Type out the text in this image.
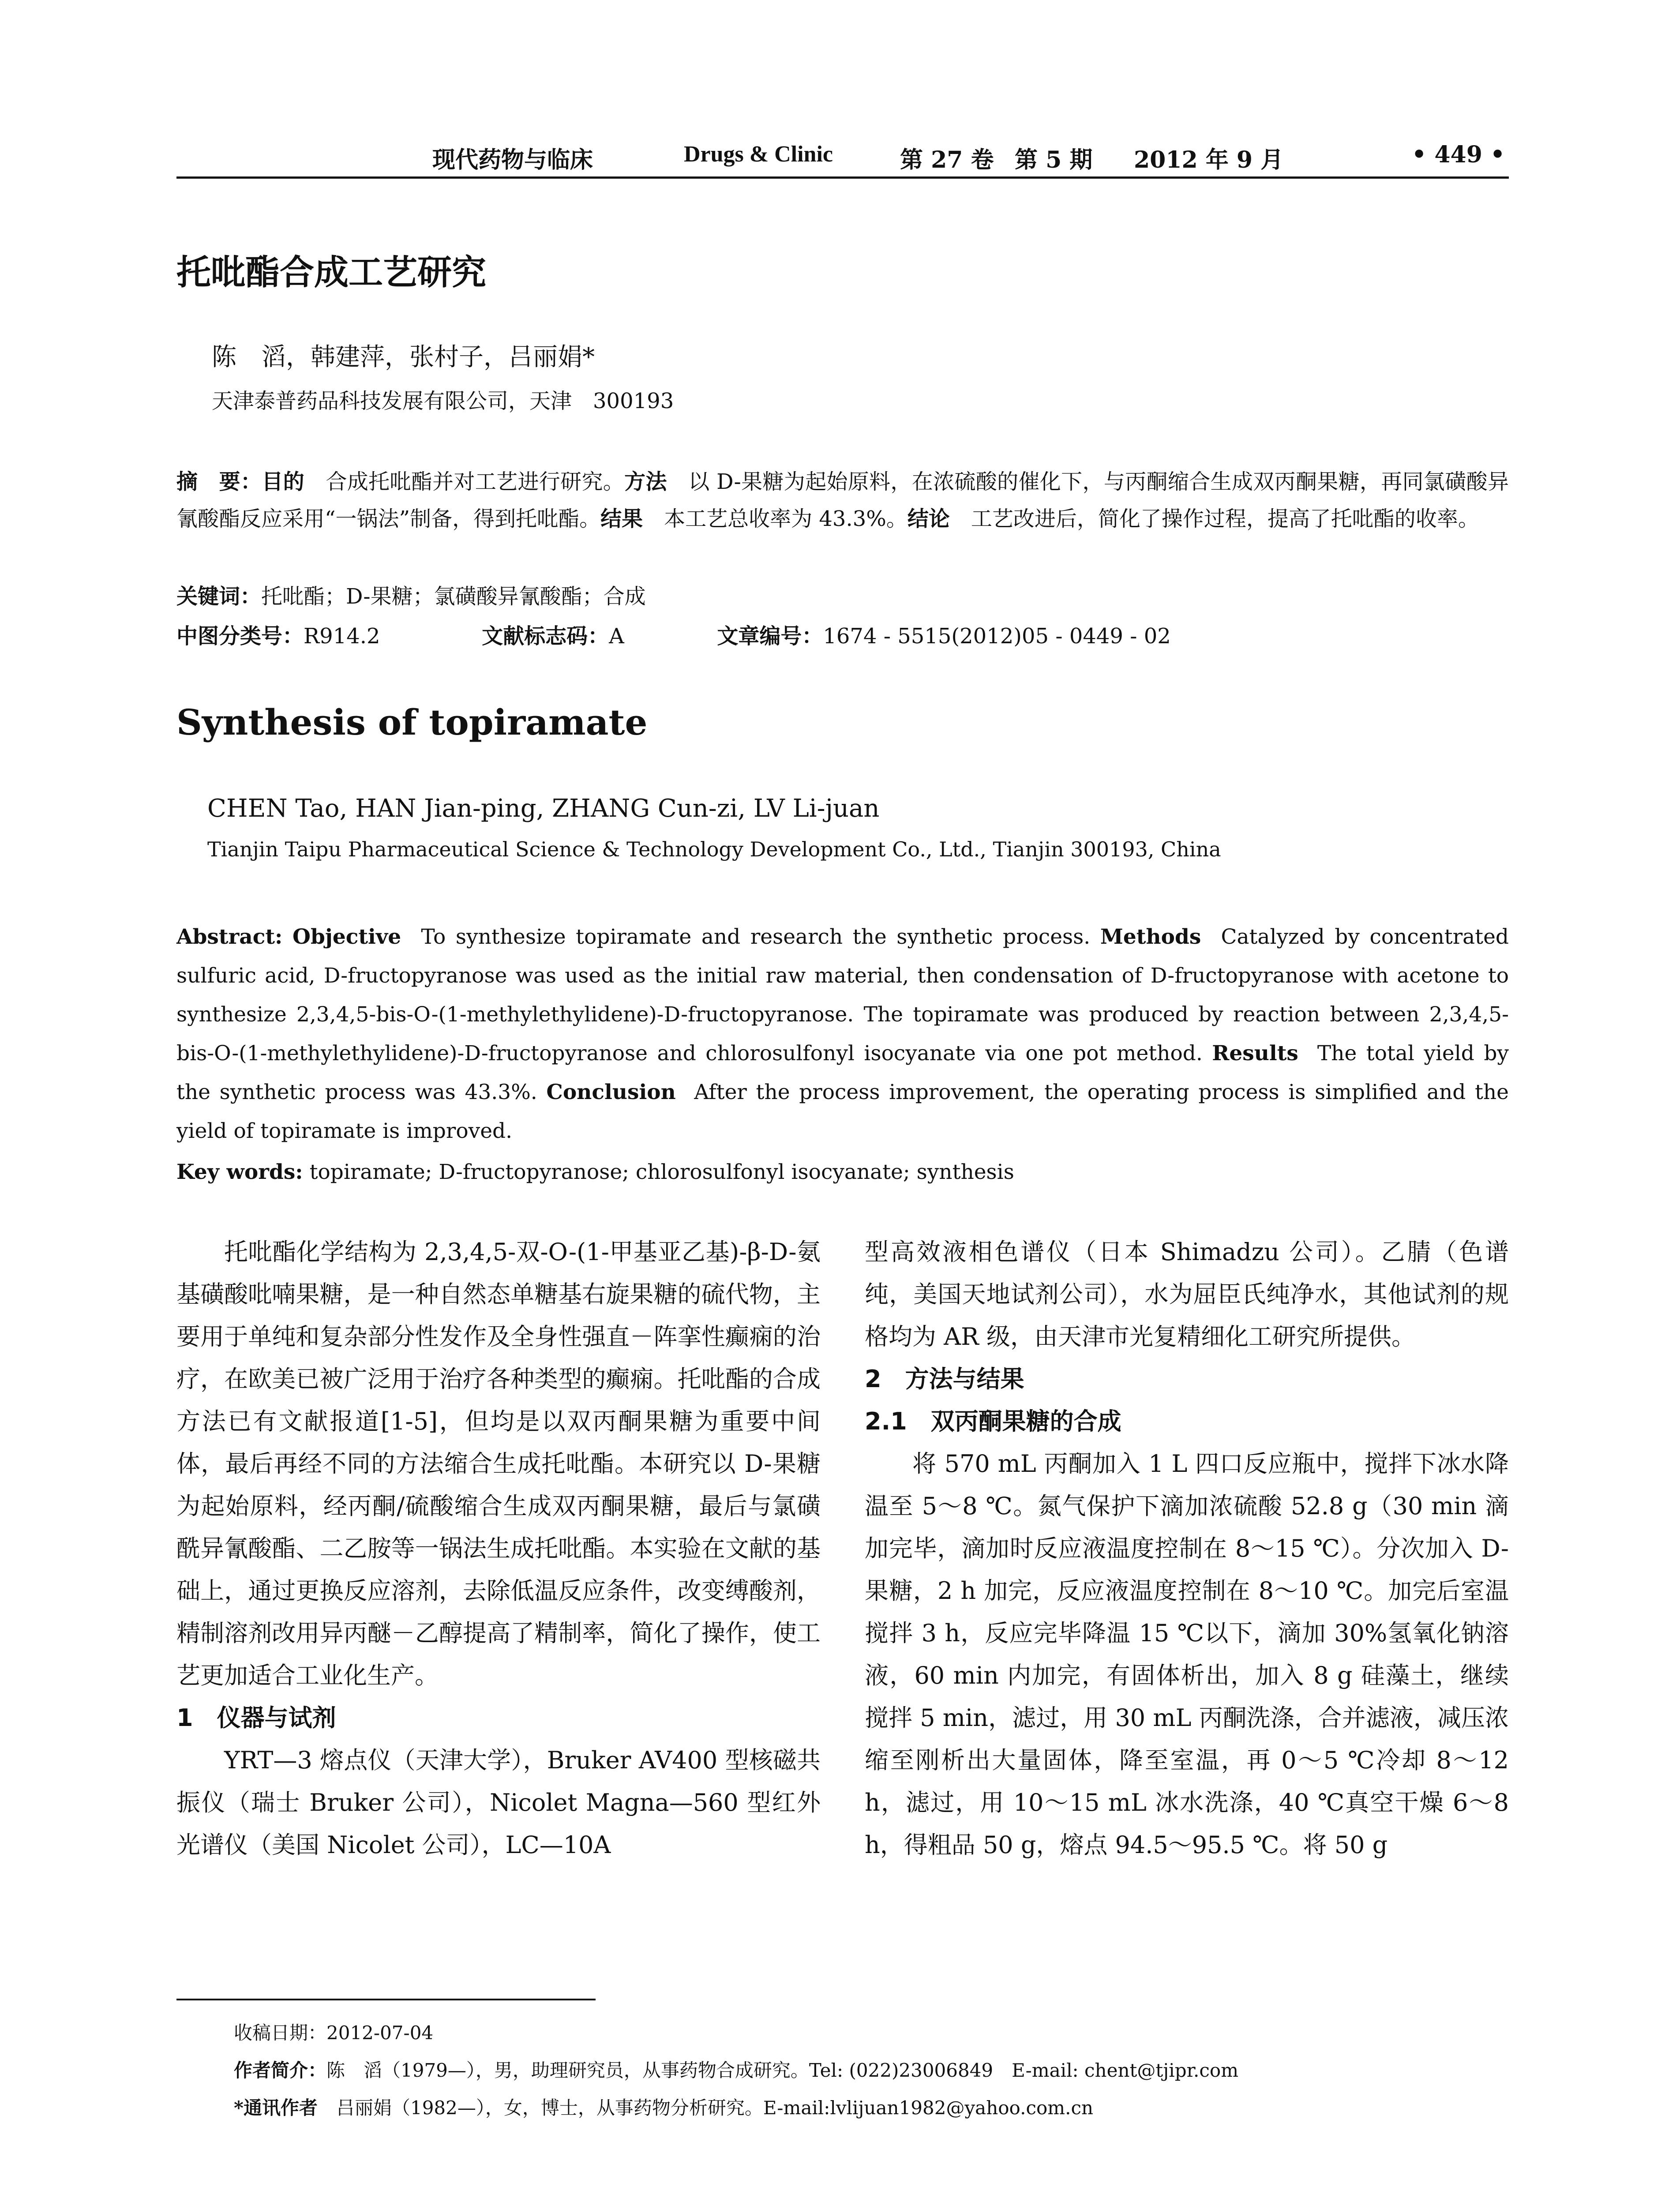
现代药物与临床	Drugs & Clinic	第 27 卷 第 5 期 2012 年 9 月	• 449 •
托吡酯合成工艺研究
陈　滔，韩建萍，张村子，吕丽娟*
天津泰普药品科技发展有限公司，天津　300193
摘　要：目的　 合成托吡酯并对工艺进行研究。方法　 以 D-果糖为起始原料，在浓硫酸的催化下，与丙酮缩合生成双丙酮果糖，再同氯磺酸异氰酸酯反应采用“一锅法”制备，得到托吡酯。结果　 本工艺总收率为 43.3%。结论　 工艺改进后，简化了操作过程，提高了托吡酯的收率。
关键词：托吡酯；D-果糖；氯磺酸异氰酸酯；合成
中图分类号：R914.2	文献标志码：A	文章编号：1674 - 5515(2012)05 - 0449 - 02
Synthesis of topiramate
CHEN Tao, HAN Jian-ping, ZHANG Cun-zi, LV Li-juan
Tianjin Taipu Pharmaceutical Science & Technology Development Co., Ltd., Tianjin 300193, China
Abstract: Objective To synthesize topiramate and research the synthetic process. Methods Catalyzed by concentrated sulfuric acid, D-fructopyranose was used as the initial raw material, then condensation of D-fructopyranose with acetone to synthesize 2,3,4,5-bis-O-(1-methylethylidene)-D-fructopyranose. The topiramate was produced by reaction between 2,3,4,5-bis-O-(1-methylethylidene)-D-fructopyranose and chlorosulfonyl isocyanate via one pot method. Results The total yield by the synthetic process was 43.3%. Conclusion After the process improvement, the operating process is simplified and the yield of topiramate is improved.
Key words: topiramate; D-fructopyranose; chlorosulfonyl isocyanate; synthesis

托吡酯化学结构为 2,3,4,5-双-O-(1-甲基亚乙基)-β-D-氨基磺酸吡喃果糖，是一种自然态单糖基右旋果糖的硫代物，主要用于单纯和复杂部分性发作及全身性强直－阵挛性癫痫的治疗，在欧美已被广泛用于治疗各种类型的癫痫。托吡酯的合成方法已有文献报道[1-5]，但均是以双丙酮果糖为重要中间体，最后再经不同的方法缩合生成托吡酯。本研究以 D-果糖为起始原料，经丙酮/硫酸缩合生成双丙酮果糖，最后与氯磺酰异氰酸酯、二乙胺等一锅法生成托吡酯。本实验在文献的基础上，通过更换反应溶剂，去除低温反应条件，改变缚酸剂，精制溶剂改用异丙醚－乙醇提高了精制率，简化了操作，使工艺更加适合工业化生产。

1　仪器与试剂

YRT—3 熔点仪（天津大学），Bruker AV400 型核磁共振仪（瑞士 Bruker 公司），Nicolet Magna—560 型红外光谱仪（美国 Nicolet 公司），LC—10A

型高效液相色谱仪（日本 Shimadzu 公司）。乙腈（色谱纯，美国天地试剂公司），水为屈臣氏纯净水，其他试剂的规格均为 AR 级，由天津市光复精细化工研究所提供。

2　方法与结果

2.1　双丙酮果糖的合成

将 570 mL 丙酮加入 1 L 四口反应瓶中，搅拌下冰水降温至 5～8 ℃。氮气保护下滴加浓硫酸 52.8 g（30 min 滴加完毕，滴加时反应液温度控制在 8～15 ℃）。分次加入 D-果糖，2 h 加完，反应液温度控制在 8～10 ℃。加完后室温搅拌 3 h，反应完毕降温 15 ℃以下，滴加 30%氢氧化钠溶液，60 min 内加完，有固体析出，加入 8 g 硅藻土，继续搅拌 5 min，滤过，用 30 mL 丙酮洗涤，合并滤液，减压浓缩至刚析出大量固体，降至室温，再 0～5 ℃冷却 8～12 h，滤过，用 10～15 mL 冰水洗涤，40 ℃真空干燥 6～8 h，得粗品 50 g，熔点 94.5～95.5 ℃。将 50 g

收稿日期：2012-07-04
作者简介：陈　滔（1979—），男，助理研究员，从事药物合成研究。Tel: (022)23006849　E-mail: chent@tjipr.com
*通讯作者　 吕丽娟（1982—），女，博士，从事药物分析研究。E-mail:lvlijuan1982@yahoo.com.cn
